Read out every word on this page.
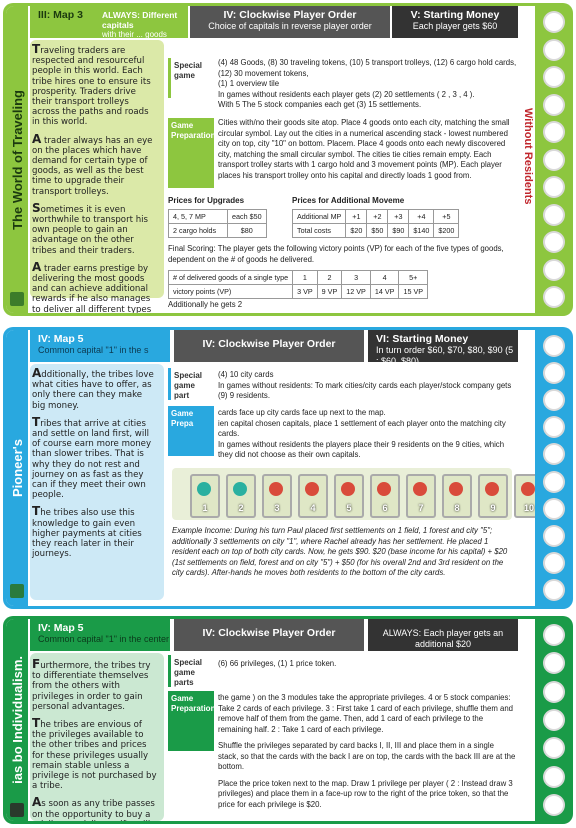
The World of Traveling
III: Map 3	ALWAYS: Different capitals
with their ... goods
IV: Clockwise Player Order
Choice of capitals in reverse player order
V: Starting Money
Each player gets $60

Traveling traders are respected and resourceful people in this world. Each tribe hires one to ensure its prosperity. Traders drive their transport trolleys across the paths and roads in this world.

A trader always has an eye on the places which have demand for certain type of goods, as well as the best time to upgrade their transport trolleys.

Sometimes it is even worthwhile to transport his own people to gain an advantage on the other tribes and their traders.

A trader earns prestige by delivering the most goods and can achieve additional rewards if he also manages to deliver all different types

Special game
(4) 48 Goods, (8) 30 traveling tokens, (10) 5 transport trolleys, (12) 6 cargo hold cards, (12) 30 movement tokens,
(1) 1 overview tile
In games without residents each player gets (2) 20 settlements ( 2 , 3 , 4 ).
With 5 The 5 stock companies each get (3) 15 settlements.
Game Preparation
Cities with/no their goods site atop. Place 4 goods onto each city, matching the small circular symbol. Lay out the cities in a numerical ascending stack - lowest numbered city on top, city "10" on bottom. Placem. Place 4 goods onto each newly discovered city, matching the small circular symbol. The cities tie cities remain empty. Each transport trolley starts with 1 cargo hold and 3 movement points (MP). Each player places his transport trolley onto his capital and directly loads 1 good from.
Prices for Upgrades
4, 5, 7 MP	each $50
2 cargo holds	$80
Prices for Additional Moveme
Additional MP	+1	+2	+3	+4	+5
Total costs	$20	$50	$90	$140	$200
Final Scoring: The player gets the following victory points (VP) for each of the five types of goods, dependent on the # of goods he delivered.
# of delivered goods of a single type	1	2	3	4	5+
victory points (VP)	3 VP	9 VP	12 VP	14 VP	15 VP
Additionally he gets 2
Without Residents
Pioneer's
IV: Map 5
Common capital "1" in the s	IV: Clockwise Player Order	VI: Starting Money
In turn order $60, $70, $80, $90 (5 : $60, $80)

Additionally, the tribes love what cities have to offer, as only there can they make big money.

Tribes that arrive at cities and settle on land first, will of course earn more money than slower tribes. That is why they do not rest and journey on as fast as they can if they meet their own people.

The tribes also use this knowledge to gain even higher payments at cities they reach later in their journeys.

Special game part
(4) 10 city cards
In games without residents: To mark cities/city cards each player/stock company gets (9) 9 residents.
Game Prepa
cards face up city cards face up next to the map.
ien capital chosen capitals, place 1 settlement of each player onto the matching city cards.
In games without residents the players place their 9 residents on the 9 cities, which they did not choose as their own capitals.
1	2	3	4	5	6	7	8	9	10
Example Income: During his turn Paul placed first settlements on 1 field, 1 forest and city "5"; additionally 3 settlements on city "1", where Rachel already has her settlement. He placed 1 resident each on top of both city cards. Now, he gets $90. $20 (base income for his capital) + $20 (1st settlements on field, forest and on city "5") + $50 (for his overall 2nd and 3rd resident on the city cards). After-hands he moves both residents to the bottom of the city cards.
ias bo Individualism.
IV: Map 5
Common capital "1" in the center	IV: Clockwise Player Order	ALWAYS: Each player gets an additional $20

Furthermore, the tribes try to differentiate themselves from the others with privileges in order to gain personal advantages.

The tribes are envious of the privileges available to the other tribes and prices for these privileges usually remain stable unless a privilege is not purchased by a tribe.

As soon as any tribe passes on the opportunity to buy a

Special game parts
(6) 66 privileges, (1) 1 price token.
Game Preparation
the game ) on the 3 modules take the appropriate privileges. 4 or 5 stock companies: Take 2 cards of each privilege. 3 : First take 1 card of each privilege, shuffle them and remove half of them from the game. Then, add 1 card of each privilege to the remaining half. 2 : Take 1 card of each privilege.
Shuffle the privileges separated by card backs I, II, III and place them in a single stack, so that the cards with the back I are on top, the cards with the back III are at the bottom.
Place the price token next to the map. Draw 1 privilege per player ( 2 : Instead draw 3 privileges) and place them in a face-up row to the right of the price token, so that the price for each privilege is $20.
